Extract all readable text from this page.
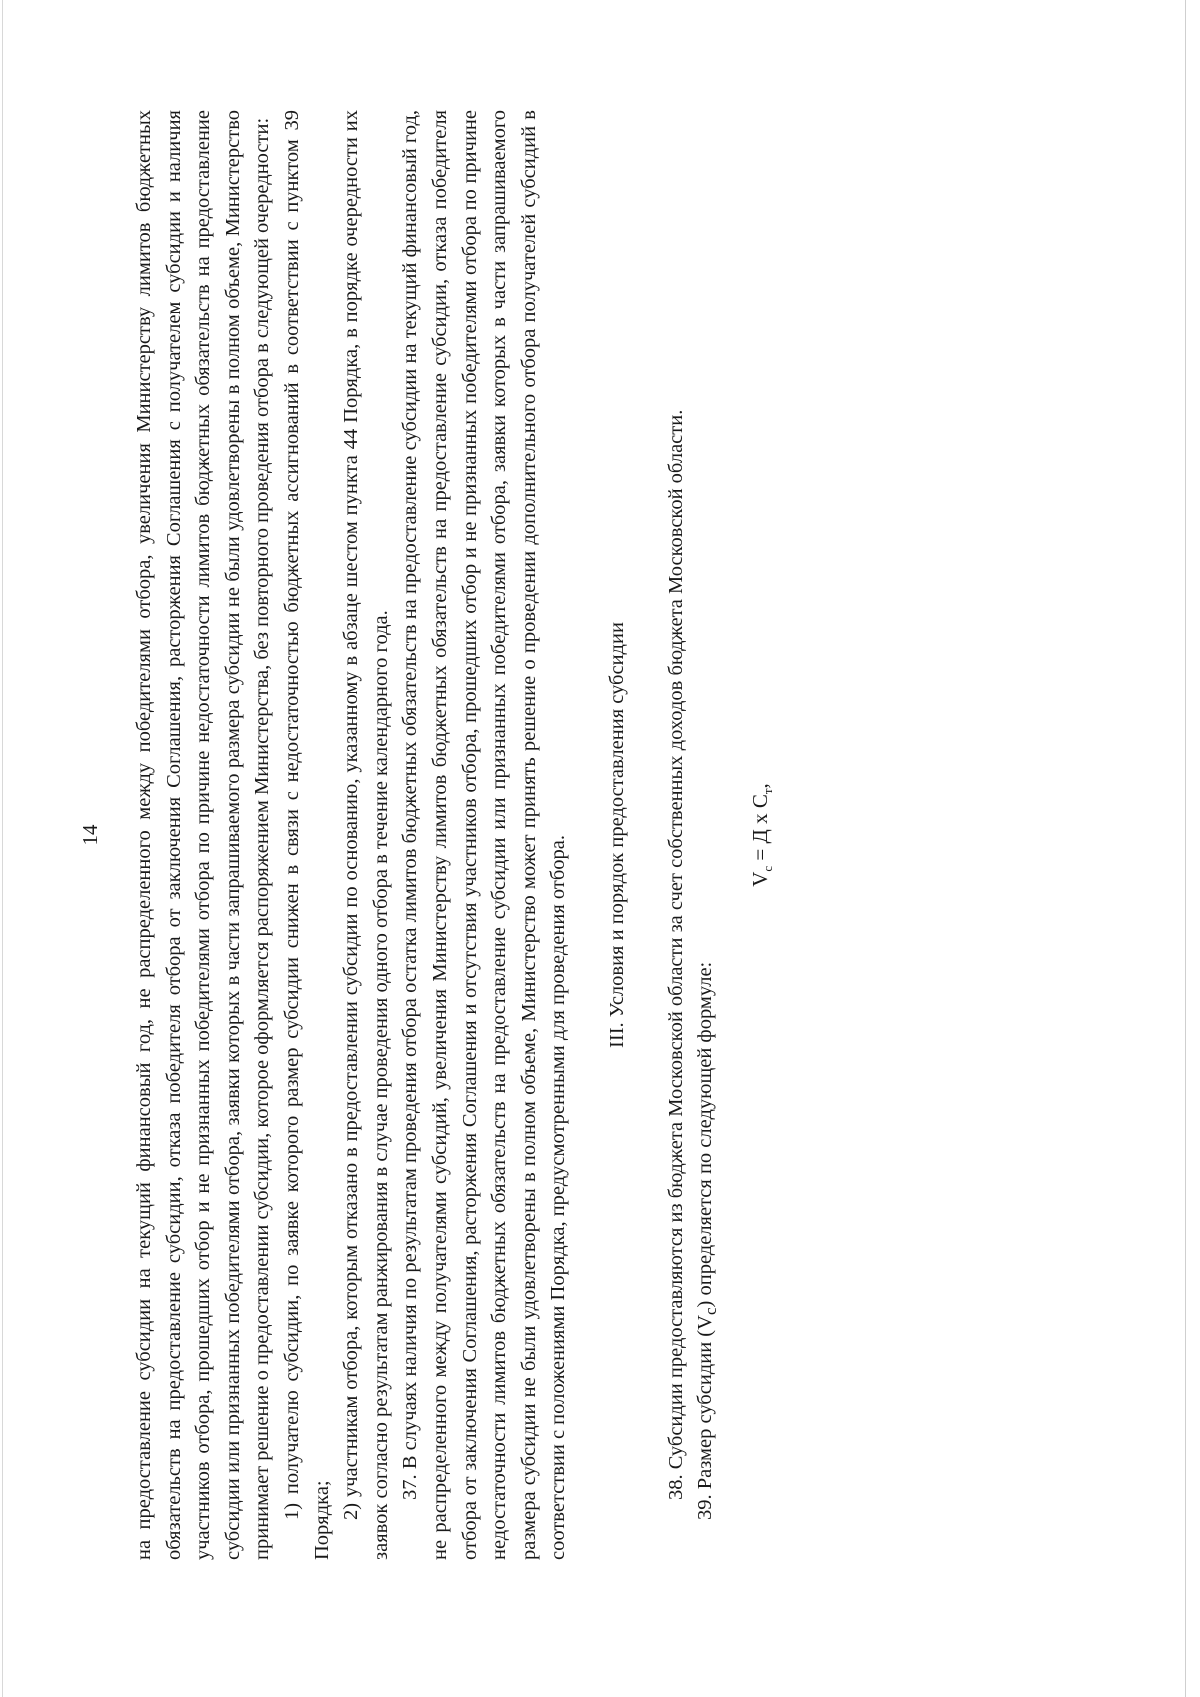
14 на предоставление субсидии на текущий финансовый год, не распределенного между победителями отбора, увеличения Министерству лимитов бюджетных обязательств на предоставление субсидии, отказа победителя отбора от заключения Соглашения, расторжения Соглашения с получателем субсидии и наличия участников отбора, прошедших отбор и не признанных победителями отбора по причине недостаточности лимитов бюджетных обязательств на предоставление субсидии или признанных победителями отбора, заявки которых в части запрашиваемого размера субсидии не были удовлетворены в полном объеме, Министерство принимает решение о предоставлении субсидии, которое оформляется распоряжением Министерства, без повторного проведения отбора в следующей очередности: 1) получателю субсидии, по заявке которого размер субсидии снижен в связи с недостаточностью бюджетных ассигнований в соответствии с пунктом 39 Порядка;

2) участникам отбора, которым отказано в предоставлении субсидии по основанию, указанному в абзаце шестом пункта 44 Порядка, в порядке очередности их заявок согласно результатам ранжирования в случае проведения одного отбора в течение календарного года. 37. В случаях наличия по результатам проведения отбора остатка лимитов бюджетных обязательств на предоставление субсидии на текущий финансовый год, не распределенного между получателями субсидий, увеличения Министерству лимитов бюджетных обязательств на предоставление субсидии, отказа победителя отбора от заключения Соглашения, расторжения Соглашения и отсутствия участников отбора, прошедших отбор и не признанных победителями отбора по причине недостаточности лимитов бюджетных обязательств на предоставление субсидии или признанных победителями отбора, заявки которых в части запрашиваемого размера субсидии не были удовлетворены в полном объеме, Министерство может принять решение о проведении дополнительного отбора получателей субсидий в соответствии с положениями Порядка, предусмотренными для проведения отбора. III. Условия и порядок предоставления субсидии 38. Субсидии предоставляются из бюджета Московской области за счет собственных доходов бюджета Московской области. 39. Размер субсидии $(V_с)$ определяется по следующей формуле:

$V_с = Д$ х $С_т$,
